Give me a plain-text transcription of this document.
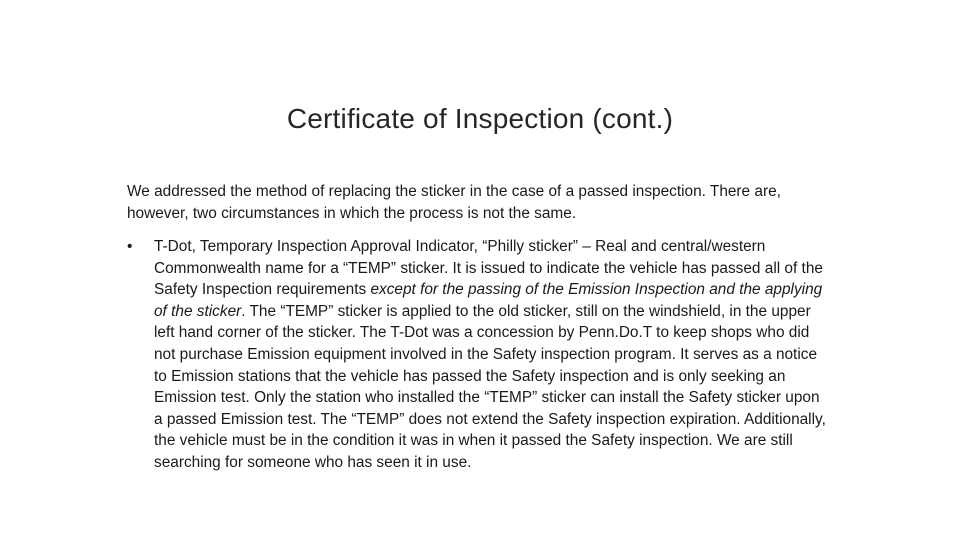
Certificate of Inspection (cont.)
We addressed the method of replacing the sticker in the case of a passed inspection. There are, however, two circumstances in which the process is not the same.
• T-Dot, Temporary Inspection Approval Indicator, “Philly sticker” – Real and central/western Commonwealth name for a “TEMP” sticker. It is issued to indicate the vehicle has passed all of the Safety Inspection requirements except for the passing of the Emission Inspection and the applying of the sticker. The “TEMP” sticker is applied to the old sticker, still on the windshield, in the upper left hand corner of the sticker. The T-Dot was a concession by Penn.Do.T to keep shops who did not purchase Emission equipment involved in the Safety inspection program. It serves as a notice to Emission stations that the vehicle has passed the Safety inspection and is only seeking an Emission test. Only the station who installed the “TEMP” sticker can install the Safety sticker upon a passed Emission test. The “TEMP” does not extend the Safety inspection expiration. Additionally, the vehicle must be in the condition it was in when it passed the Safety inspection. We are still searching for someone who has seen it in use.
